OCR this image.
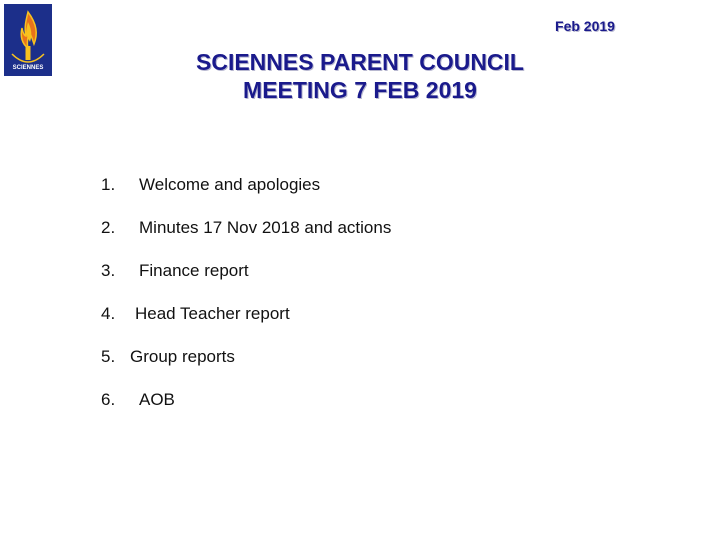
SCIENNES
Feb 2019
SCIENNES PARENT COUNCIL
MEETING 7 FEB 2019
1. Welcome and apologies
2. Minutes 17 Nov 2018 and actions
3. Finance report
4. Head Teacher report
5. Group reports
6. AOB
